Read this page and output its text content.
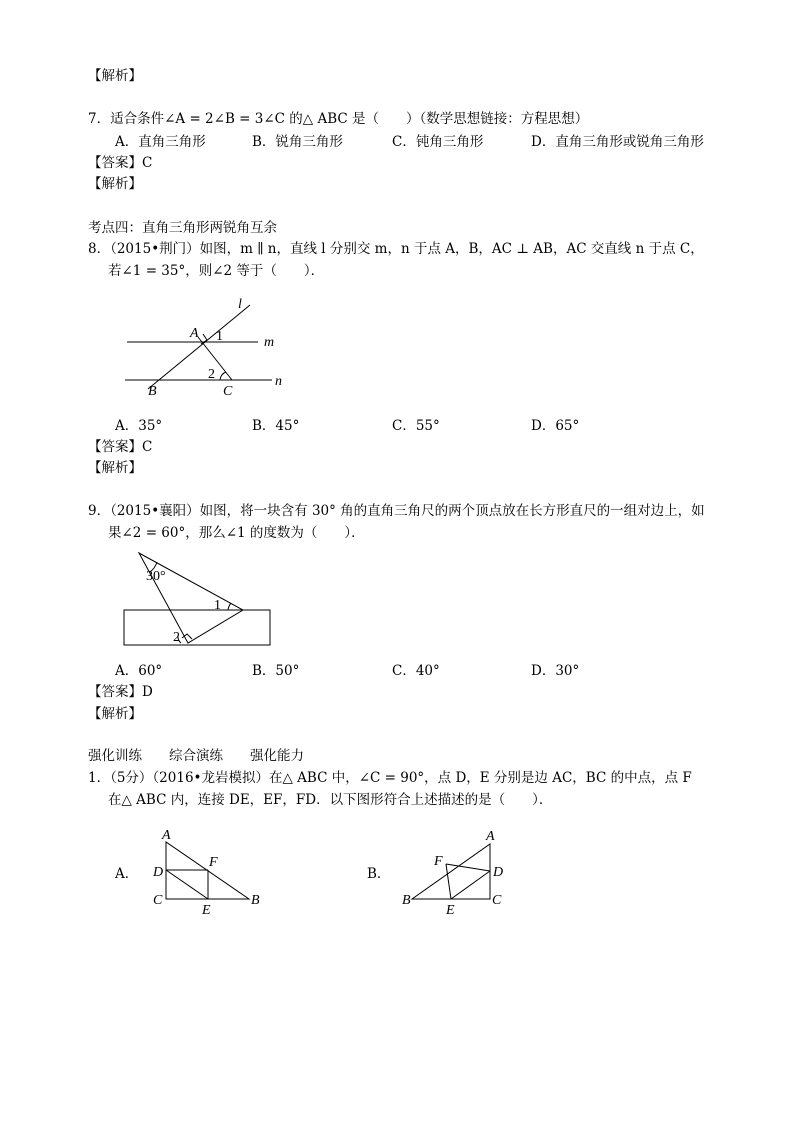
【解析】
7．适合条件∠A = 2∠B = 3∠C 的△ ABC 是（　　）（数学思想链接：方程思想）
A．直角三角形	B．锐角三角形	C．钝角三角形	D．直角三角形或锐角三角形
【答案】C
【解析】
考点四：直角三角形两锐角互余
8．（2015•荆门）如图，m ∥ n，直线 l 分别交 m，n 于点 A，B，AC ⊥ AB，AC 交直线 n 于点 C，
若∠1 = 35°，则∠2 等于（　　）．
l
m
n
A
B	C
1
2
A．35°	B．45°	C．55°	D．65°
【答案】C
【解析】
9．（2015•襄阳）如图，将一块含有 30° 角的直角三角尺的两个顶点放在长方形直尺的一组对边上，如
果∠2 = 60°，那么∠1 的度数为（　　）．
30°
1
2
A．60°	B．50°	C．40°	D．30°
【答案】D
【解析】
强化训练　　综合演练　　强化能力
1．（5分）（2016•龙岩模拟）在△ ABC 中，∠C = 90°，点 D，E 分别是边 AC，BC 的中点，点 F
在△ ABC 内，连接 DE，EF，FD．以下图形符合上述描述的是（　　）．
A．	B．
A
D
F
C
E
B
A
F
D
B
E
C
